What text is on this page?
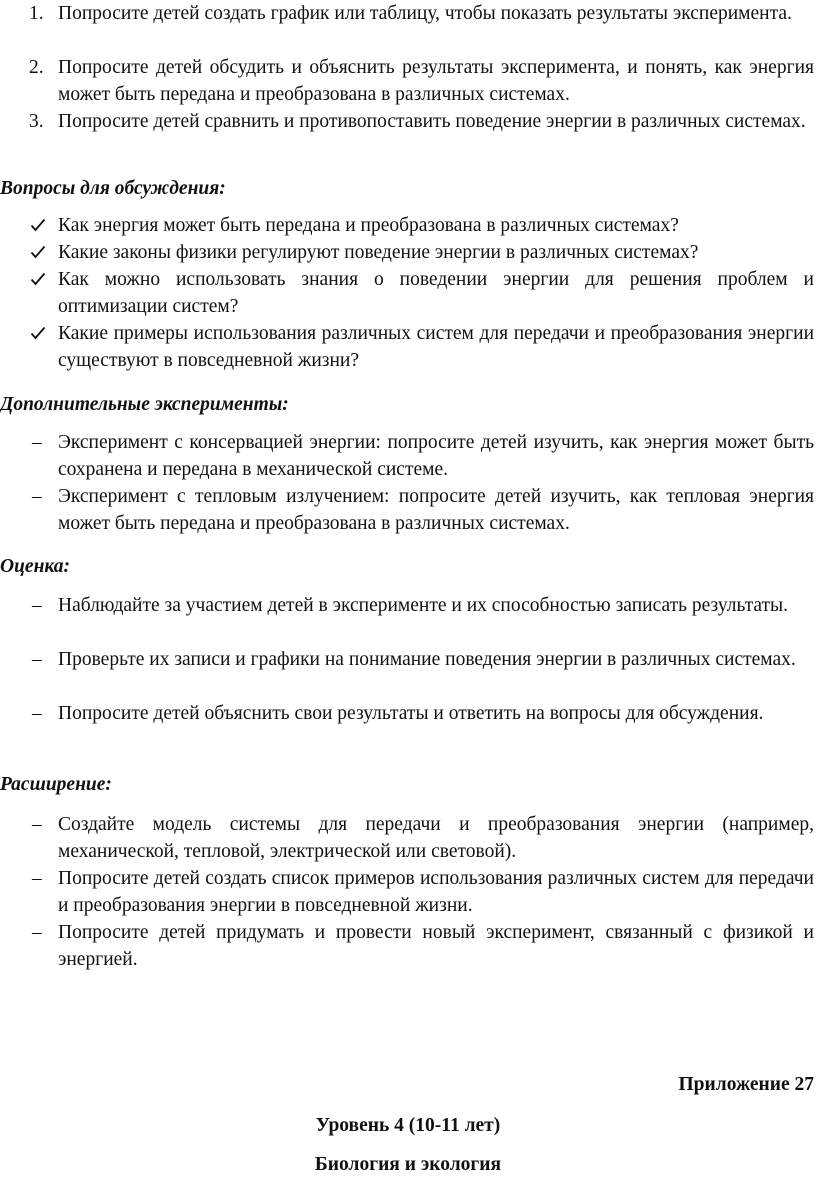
1. Попросите детей создать график или таблицу, чтобы показать результаты эксперимента.
2. Попросите детей обсудить и объяснить результаты эксперимента, и понять, как энергия может быть передана и преобразована в различных системах.
3. Попросите детей сравнить и противопоставить поведение энергии в различных системах.
Вопросы для обсуждения:
Как энергия может быть передана и преобразована в различных системах?
Какие законы физики регулируют поведение энергии в различных системах?
Как можно использовать знания о поведении энергии для решения проблем и оптимизации систем?
Какие примеры использования различных систем для передачи и преобразования энергии существуют в повседневной жизни?
Дополнительные эксперименты:
– Эксперимент с консервацией энергии: попросите детей изучить, как энергия может быть сохранена и передана в механической системе.
– Эксперимент с тепловым излучением: попросите детей изучить, как тепловая энергия может быть передана и преобразована в различных системах.
Оценка:
– Наблюдайте за участием детей в эксперименте и их способностью записать результаты.
– Проверьте их записи и графики на понимание поведения энергии в различных системах.
– Попросите детей объяснить свои результаты и ответить на вопросы для обсуждения.
Расширение:
– Создайте модель системы для передачи и преобразования энергии (например, механической, тепловой, электрической или световой).
– Попросите детей создать список примеров использования различных систем для передачи и преобразования энергии в повседневной жизни.
– Попросите детей придумать и провести новый эксперимент, связанный с физикой и энергией.
Приложение 27
Уровень 4 (10-11 лет)
Биология и экология
